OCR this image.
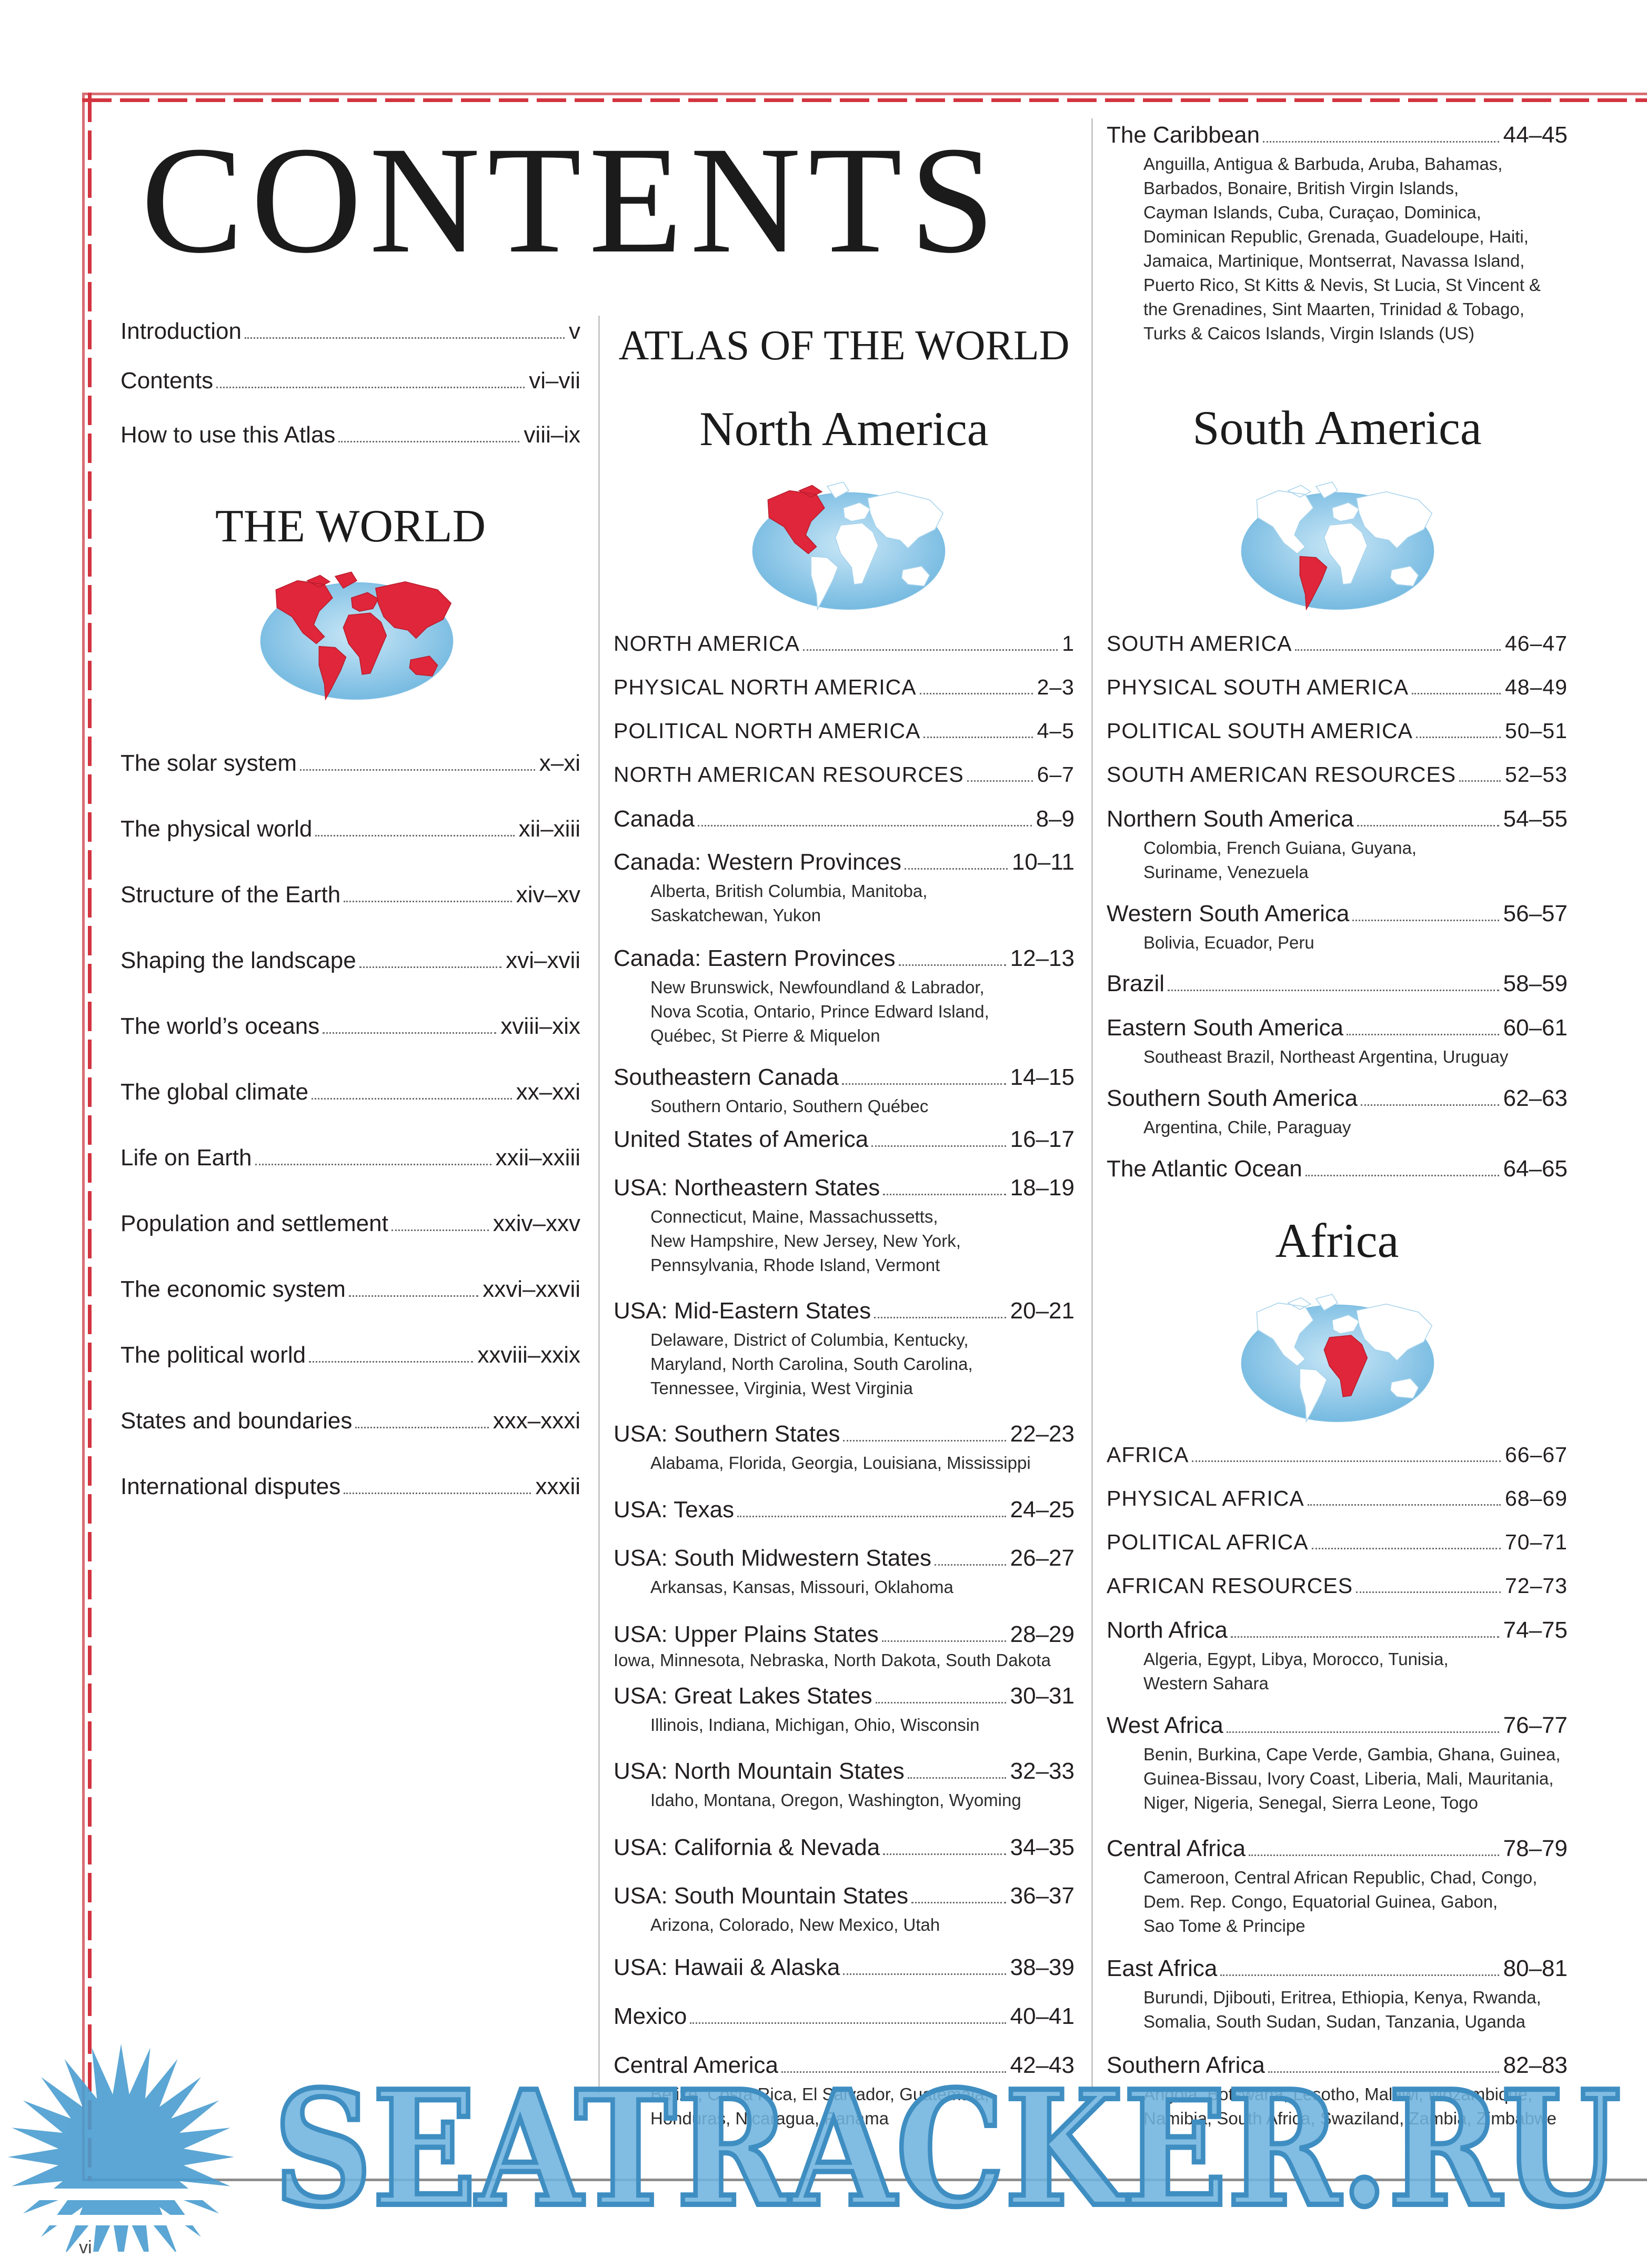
CONTENTS
Introduction	v
Contents	vi–vii
How to use this Atlas	viii–ix
THE WORLD
The solar system	x–xi
The physical world	xii–xiii
Structure of the Earth	xiv–xv
Shaping the landscape	xvi–xvii
The world’s oceans	xviii–xix
The global climate	xx–xxi
Life on Earth	xxii–xxiii
Population and settlement	xxiv–xxv
The economic system	xxvi–xxvii
The political world	xxviii–xxix
States and boundaries	xxx–xxxi
International disputes	xxxii
ATLAS OF THE WORLD
North America
NORTH AMERICA	1
PHYSICAL NORTH AMERICA	2–3
POLITICAL NORTH AMERICA	4–5
NORTH AMERICAN RESOURCES	6–7
Canada	8–9
Canada: Western Provinces	10–11
Alberta, British Columbia, Manitoba,
Saskatchewan, Yukon
Canada: Eastern Provinces	12–13
New Brunswick, Newfoundland & Labrador,
Nova Scotia, Ontario, Prince Edward Island,
Québec, St Pierre & Miquelon
Southeastern Canada	14–15
Southern Ontario, Southern Québec
United States of America	16–17
USA: Northeastern States	18–19
Connecticut, Maine, Massachussetts,
New Hampshire, New Jersey, New York,
Pennsylvania, Rhode Island, Vermont
USA: Mid-Eastern States	20–21
Delaware, District of Columbia, Kentucky,
Maryland, North Carolina, South Carolina,
Tennessee, Virginia, West Virginia
USA: Southern States	22–23
Alabama, Florida, Georgia, Louisiana, Mississippi
USA: Texas	24–25
USA: South Midwestern States	26–27
Arkansas, Kansas, Missouri, Oklahoma
USA: Upper Plains States	28–29
Iowa, Minnesota, Nebraska, North Dakota, South Dakota
USA: Great Lakes States	30–31
Illinois, Indiana, Michigan, Ohio, Wisconsin
USA: North Mountain States	32–33
Idaho, Montana, Oregon, Washington, Wyoming
USA: California & Nevada	34–35
USA: South Mountain States	36–37
Arizona, Colorado, New Mexico, Utah
USA: Hawaii & Alaska	38–39
Mexico	40–41
Central America	42–43
Belize, Costa Rica, El Salvador, Guatemala,
Honduras, Nicaragua, Panama
The Caribbean	44–45
Anguilla, Antigua & Barbuda, Aruba, Bahamas,
Barbados, Bonaire, British Virgin Islands,
Cayman Islands, Cuba, Curaçao, Dominica,
Dominican Republic, Grenada, Guadeloupe, Haiti,
Jamaica, Martinique, Montserrat, Navassa Island,
Puerto Rico, St Kitts & Nevis, St Lucia, St Vincent &
the Grenadines, Sint Maarten, Trinidad & Tobago,
Turks & Caicos Islands, Virgin Islands (US)
South America
SOUTH AMERICA	46–47
PHYSICAL SOUTH AMERICA	48–49
POLITICAL SOUTH AMERICA	50–51
SOUTH AMERICAN RESOURCES 52–53
Northern South America	54–55
Colombia, French Guiana, Guyana,
Suriname, Venezuela
Western South America	56–57
Bolivia, Ecuador, Peru
Brazil	58–59
Eastern South America	60–61
Southeast Brazil, Northeast Argentina, Uruguay
Southern South America	62–63
Argentina, Chile, Paraguay
The Atlantic Ocean	64–65
Africa
AFRICA	66–67
PHYSICAL AFRICA	68–69
POLITICAL AFRICA	70–71
AFRICAN RESOURCES	72–73
North Africa	74–75
Algeria, Egypt, Libya, Morocco, Tunisia,
Western Sahara
West Africa	76–77
Benin, Burkina, Cape Verde, Gambia, Ghana, Guinea,
Guinea-Bissau, Ivory Coast, Liberia, Mali, Mauritania,
Niger, Nigeria, Senegal, Sierra Leone, Togo
Central Africa	78–79
Cameroon, Central African Republic, Chad, Congo,
Dem. Rep. Congo, Equatorial Guinea, Gabon,
Sao Tome & Principe
East Africa	80–81
Burundi, Djibouti, Eritrea, Ethiopia, Kenya, Rwanda,
Somalia, South Sudan, Sudan, Tanzania, Uganda
Southern Africa	82–83
Angola, Botswana, Lesotho, Malawi, Mozambique,
Namibia, South Africa, Swaziland, Zambia, Zimbabwe
vi
SEATRACKER.RU
